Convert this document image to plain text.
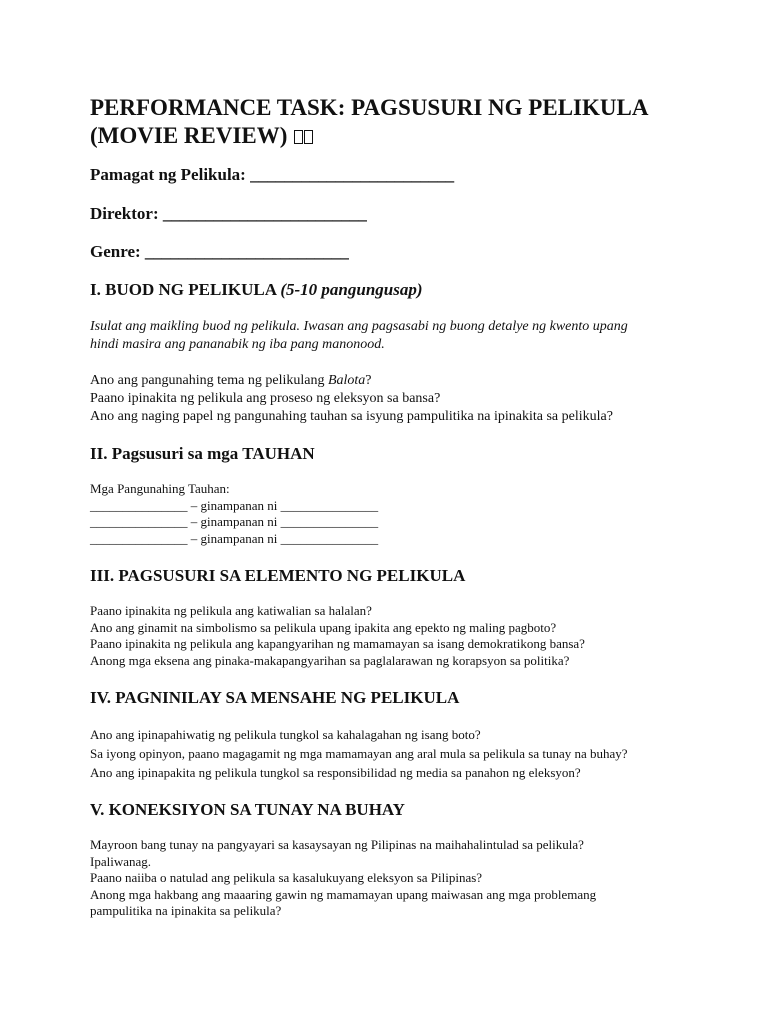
PERFORMANCE TASK: PAGSUSURI NG PELIKULA
(MOVIE REVIEW)
Pamagat ng Pelikula: ________________________
Direktor: ________________________
Genre: ________________________
I. BUOD NG PELIKULA (5-10 pangungusap)
Isulat ang maikling buod ng pelikula. Iwasan ang pagsasabi ng buong detalye ng kwento upang
hindi masira ang pananabik ng iba pang manonood.
Ano ang pangunahing tema ng pelikulang Balota?
Paano ipinakita ng pelikula ang proseso ng eleksyon sa bansa?
Ano ang naging papel ng pangunahing tauhan sa isyung pampulitika na ipinakita sa pelikula?
II. Pagsusuri sa mga TAUHAN
Mga Pangunahing Tauhan:
_______________ – ginampanan ni _______________
_______________ – ginampanan ni _______________
_______________ – ginampanan ni _______________
III. PAGSUSURI SA ELEMENTO NG PELIKULA
Paano ipinakita ng pelikula ang katiwalian sa halalan?
Ano ang ginamit na simbolismo sa pelikula upang ipakita ang epekto ng maling pagboto?
Paano ipinakita ng pelikula ang kapangyarihan ng mamamayan sa isang demokratikong bansa?
Anong mga eksena ang pinaka-makapangyarihan sa paglalarawan ng korapsyon sa politika?
IV. PAGNINILAY SA MENSAHE NG PELIKULA
Ano ang ipinapahiwatig ng pelikula tungkol sa kahalagahan ng isang boto?
Sa iyong opinyon, paano magagamit ng mga mamamayan ang aral mula sa pelikula sa tunay na buhay?
Ano ang ipinapakita ng pelikula tungkol sa responsibilidad ng media sa panahon ng eleksyon?
V. KONEKSIYON SA TUNAY NA BUHAY
Mayroon bang tunay na pangyayari sa kasaysayan ng Pilipinas na maihahalintulad sa pelikula?
Ipaliwanag.
Paano naiiba o natulad ang pelikula sa kasalukuyang eleksyon sa Pilipinas?
Anong mga hakbang ang maaaring gawin ng mamamayan upang maiwasan ang mga problemang
pampulitika na ipinakita sa pelikula?
